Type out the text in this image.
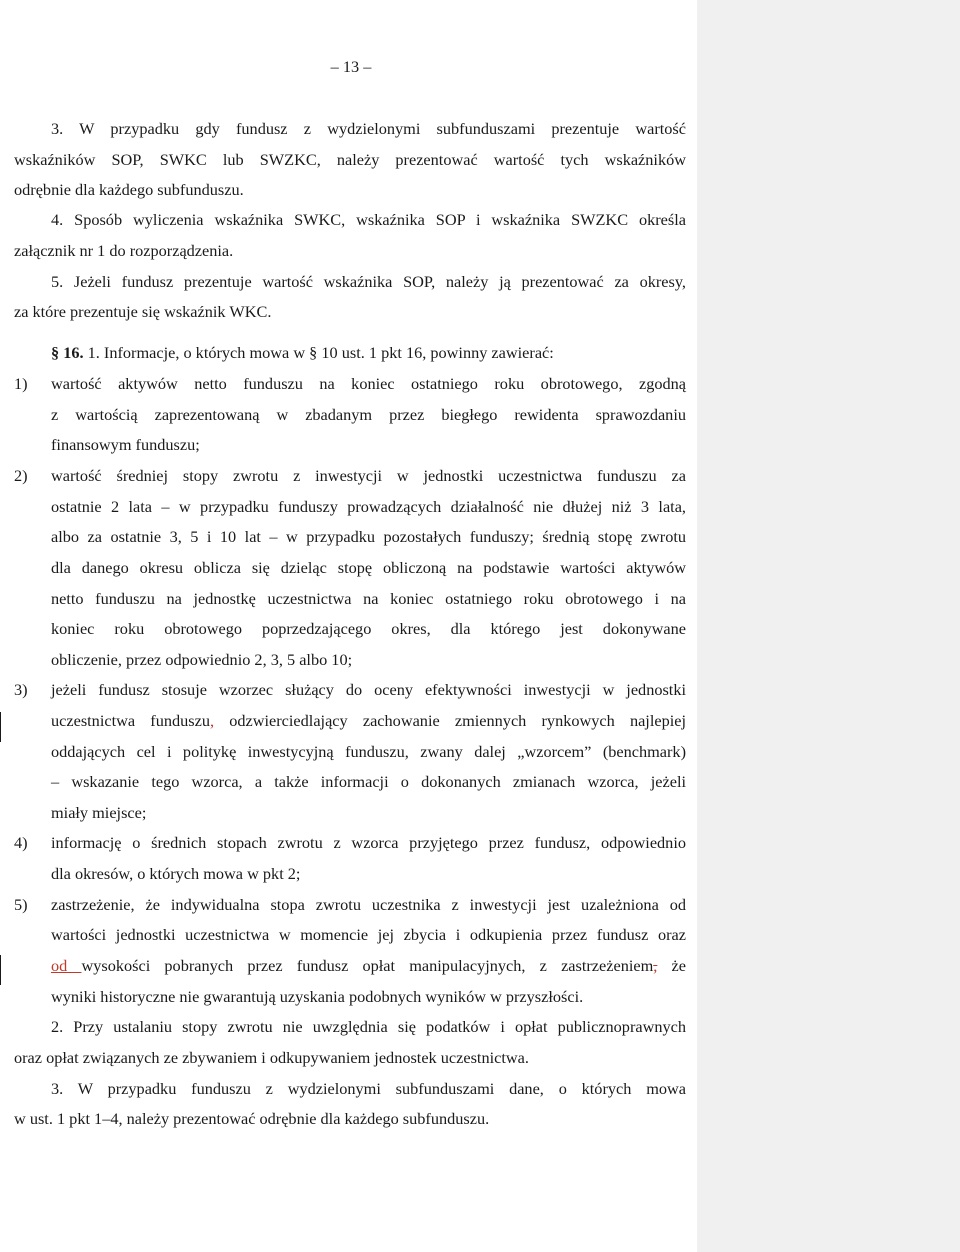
– 13 –
3. W przypadku gdy fundusz z wydzielonymi subfunduszami prezentuje wartość
wskaźników SOP, SWKC lub SWZKC, należy prezentować wartość tych wskaźników
odrębnie dla każdego subfunduszu.
4. Sposób wyliczenia wskaźnika SWKC, wskaźnika SOP i wskaźnika SWZKC określa
załącznik nr 1 do rozporządzenia.
5. Jeżeli fundusz prezentuje wartość wskaźnika SOP, należy ją prezentować za okresy,
za które prezentuje się wskaźnik WKC.
§ 16. 1. Informacje, o których mowa w § 10 ust. 1 pkt 16, powinny zawierać:
1)	wartość aktywów netto funduszu na koniec ostatniego roku obrotowego, zgodną
z wartością zaprezentowaną w zbadanym przez biegłego rewidenta sprawozdaniu
finansowym funduszu;
2)	wartość średniej stopy zwrotu z inwestycji w jednostki uczestnictwa funduszu za
ostatnie 2 lata – w przypadku funduszy prowadzących działalność nie dłużej niż 3 lata,
albo za ostatnie 3, 5 i 10 lat – w przypadku pozostałych funduszy; średnią stopę zwrotu
dla danego okresu oblicza się dzieląc stopę obliczoną na podstawie wartości aktywów
netto funduszu na jednostkę uczestnictwa na koniec ostatniego roku obrotowego i na
koniec roku obrotowego poprzedzającego okres, dla którego jest dokonywane
obliczenie, przez odpowiednio 2, 3, 5 albo 10;
3)	jeżeli fundusz stosuje wzorzec służący do oceny efektywności inwestycji w jednostki
uczestnictwa funduszu, odzwierciedlający zachowanie zmiennych rynkowych najlepiej
oddających cel i politykę inwestycyjną funduszu, zwany dalej „wzorcem” (benchmark)
– wskazanie tego wzorca, a także informacji o dokonanych zmianach wzorca, jeżeli
miały miejsce;
4)	informację o średnich stopach zwrotu z wzorca przyjętego przez fundusz, odpowiednio
dla okresów, o których mowa w pkt 2;
5)	zastrzeżenie, że indywidualna stopa zwrotu uczestnika z inwestycji jest uzależniona od
wartości jednostki uczestnictwa w momencie jej zbycia i odkupienia przez fundusz oraz
od wysokości pobranych przez fundusz opłat manipulacyjnych, z zastrzeżeniem, że
wyniki historyczne nie gwarantują uzyskania podobnych wyników w przyszłości.
2. Przy ustalaniu stopy zwrotu nie uwzględnia się podatków i opłat publicznoprawnych
oraz opłat związanych ze zbywaniem i odkupywaniem jednostek uczestnictwa.
3. W przypadku funduszu z wydzielonymi subfunduszami dane, o których mowa
w ust. 1 pkt 1–4, należy prezentować odrębnie dla każdego subfunduszu.
